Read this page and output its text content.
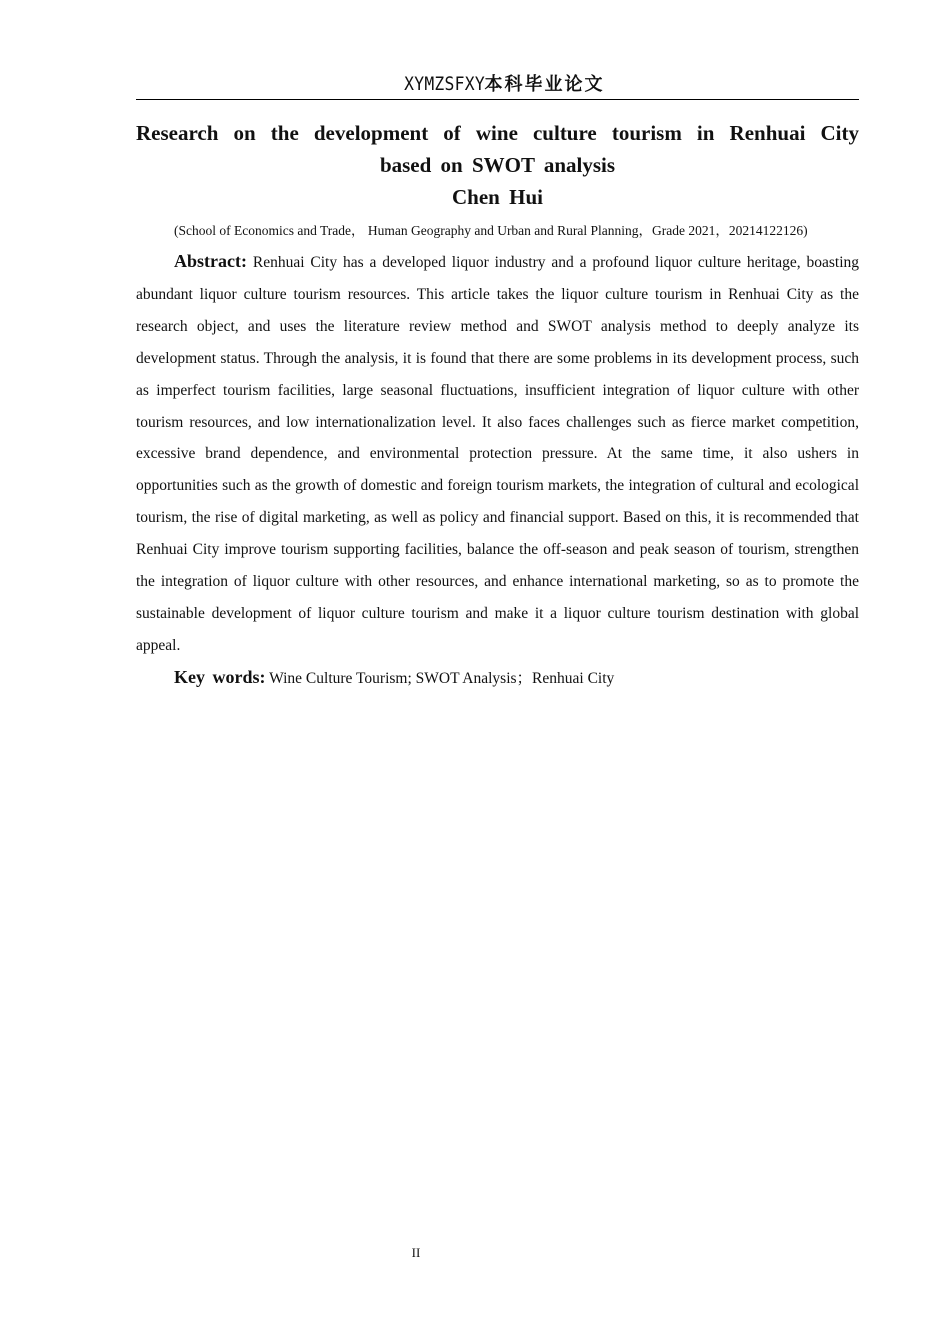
XYMZSFXY本科毕业论文
Research on the development of wine culture tourism in Renhuai City
based on SWOT analysis
Chen Hui
(School of Economics and Trade， Human Geography and Urban and Rural Planning，Grade 2021，20214122126)

Abstract: Renhuai City has a developed liquor industry and a profound liquor culture heritage, boasting abundant liquor culture tourism resources. This article takes the liquor culture tourism in Renhuai City as the research object, and uses the literature review method and SWOT analysis method to deeply analyze its development status. Through the analysis, it is found that there are some problems in its development process, such as imperfect tourism facilities, large seasonal fluctuations, insufficient integration of liquor culture with other tourism resources, and low internationalization level. It also faces challenges such as fierce market competition, excessive brand dependence, and environmental protection pressure. At the same time, it also ushers in opportunities such as the growth of domestic and foreign tourism markets, the integration of cultural and ecological tourism, the rise of digital marketing, as well as policy and financial support. Based on this, it is recommended that Renhuai City improve tourism supporting facilities, balance the off-season and peak season of tourism, strengthen the integration of liquor culture with other resources, and enhance international marketing, so as to promote the sustainable development of liquor culture tourism and make it a liquor culture tourism destination with global appeal.

Key words: Wine Culture Tourism; SWOT Analysis；Renhuai City
II
